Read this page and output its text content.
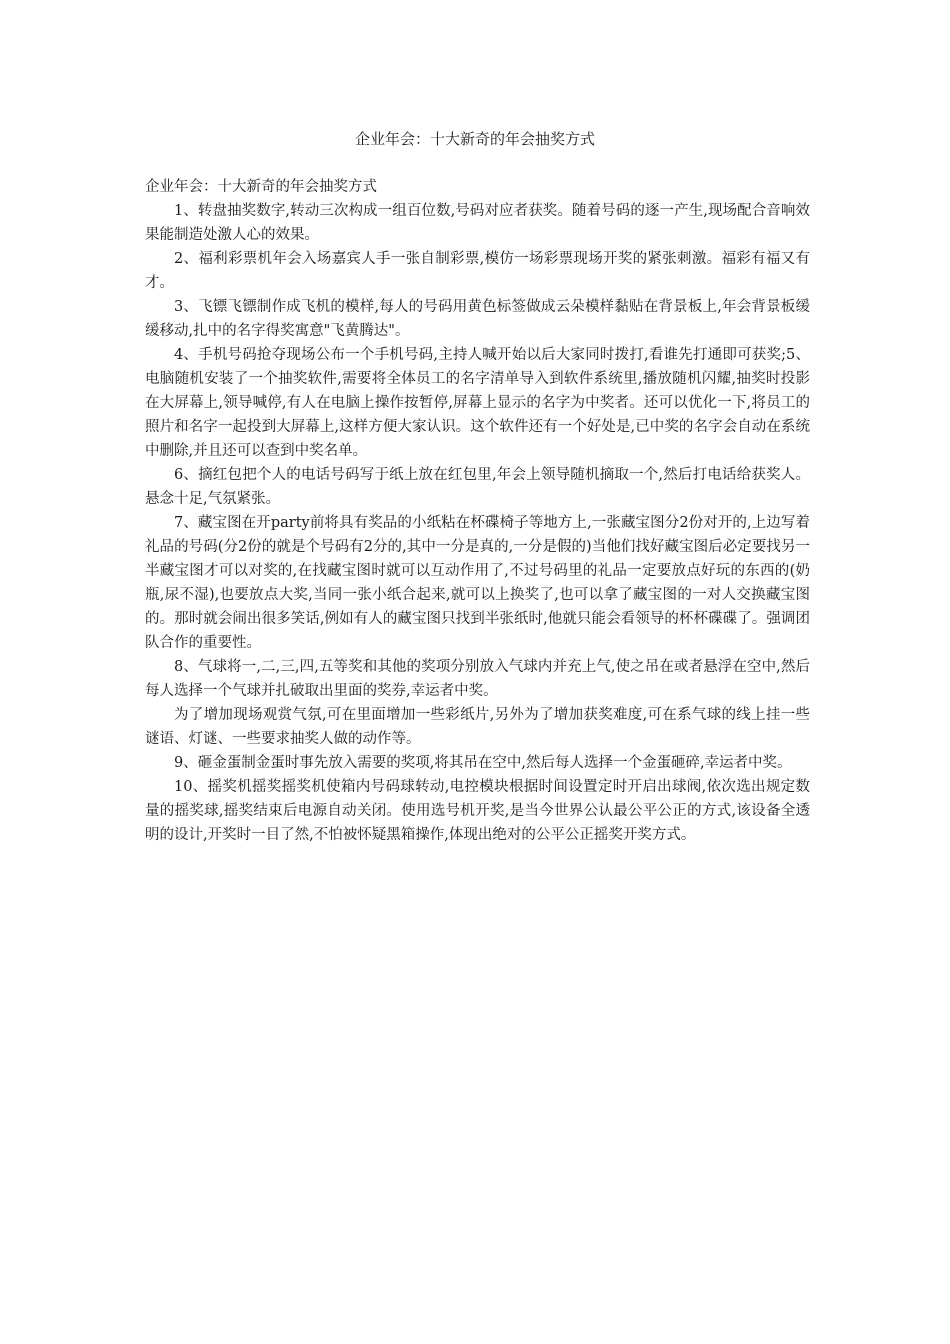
企业年会：十大新奇的年会抽奖方式

企业年会：十大新奇的年会抽奖方式

1、转盘抽奖数字,转动三次构成一组百位数,号码对应者获奖。随着号码的逐一产生,现场配合音响效果能制造处激人心的效果。

2、福利彩票机年会入场嘉宾人手一张自制彩票,模仿一场彩票现场开奖的紧张刺激。福彩有福又有才。

3、飞镖飞镖制作成飞机的模样,每人的号码用黄色标签做成云朵模样黏贴在背景板上,年会背景板缓缓移动,扎中的名字得奖寓意"飞黄腾达"。

4、手机号码抢夺现场公布一个手机号码,主持人喊开始以后大家同时拨打,看谁先打通即可获奖;5、电脑随机安装了一个抽奖软件,需要将全体员工的名字清单导入到软件系统里,播放随机闪耀,抽奖时投影在大屏幕上,领导喊停,有人在电脑上操作按暂停,屏幕上显示的名字为中奖者。还可以优化一下,将员工的照片和名字一起投到大屏幕上,这样方便大家认识。这个软件还有一个好处是,已中奖的名字会自动在系统中删除,并且还可以查到中奖名单。

6、摘红包把个人的电话号码写于纸上放在红包里,年会上领导随机摘取一个,然后打电话给获奖人。悬念十足,气氛紧张。

7、藏宝图在开party前将具有奖品的小纸粘在杯碟椅子等地方上,一张藏宝图分2份对开的,上边写着礼品的号码(分2份的就是个号码有2分的,其中一分是真的,一分是假的)当他们找好藏宝图后必定要找另一半藏宝图才可以对奖的,在找藏宝图时就可以互动作用了,不过号码里的礼品一定要放点好玩的东西的(奶瓶,尿不湿),也要放点大奖,当同一张小纸合起来,就可以上换奖了,也可以拿了藏宝图的一对人交换藏宝图的。那时就会闹出很多笑话,例如有人的藏宝图只找到半张纸时,他就只能会看领导的杯杯碟碟了。强调团队合作的重要性。

8、气球将一,二,三,四,五等奖和其他的奖项分别放入气球内并充上气,使之吊在或者悬浮在空中,然后每人选择一个气球并扎破取出里面的奖券,幸运者中奖。

为了增加现场观赏气氛,可在里面增加一些彩纸片,另外为了增加获奖难度,可在系气球的线上挂一些谜语、灯谜、一些要求抽奖人做的动作等。

9、砸金蛋制金蛋时事先放入需要的奖项,将其吊在空中,然后每人选择一个金蛋砸碎,幸运者中奖。

10、摇奖机摇奖摇奖机使箱内号码球转动,电控模块根据时间设置定时开启出球阀,依次选出规定数量的摇奖球,摇奖结束后电源自动关闭。使用选号机开奖,是当今世界公认最公平公正的方式,该设备全透明的设计,开奖时一目了然,不怕被怀疑黑箱操作,体现出绝对的公平公正摇奖开奖方式。
